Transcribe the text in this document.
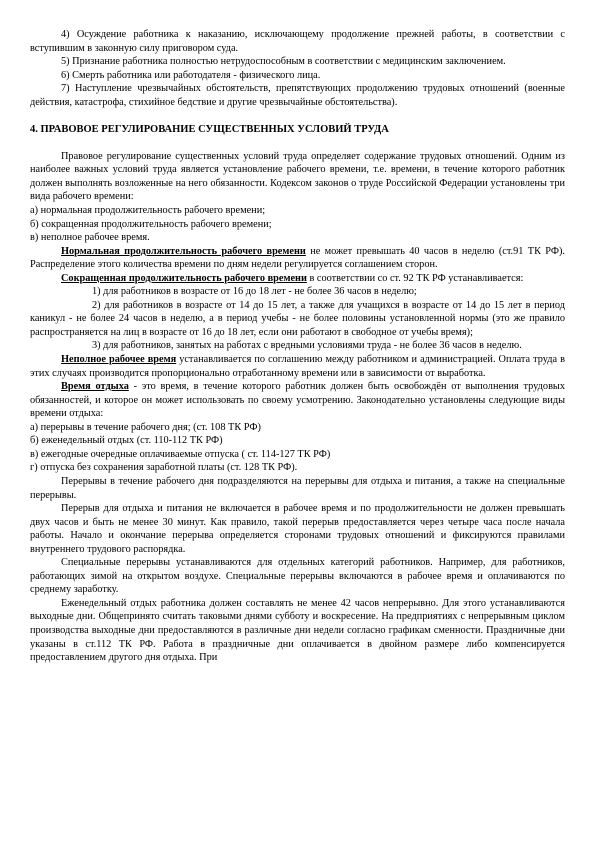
4) Осуждение работника к наказанию, исключающему продолжение прежней работы, в соответствии с вступившим в законную силу приговором суда.

5) Признание работника полностью нетрудоспособным в соответствии с медицинским заключением.

6) Смерть работника или работодателя - физического лица.

7) Наступление чрезвычайных обстоятельств, препятствующих продолжению трудовых отношений (военные действия, катастрофа, стихийное бедствие и другие чрезвычайные обстоятельства).

4. ПРАВОВОЕ РЕГУЛИРОВАНИЕ СУЩЕСТВЕННЫХ УСЛОВИЙ ТРУДА

Правовое регулирование существенных условий труда определяет содержание трудовых отношений. Одним из наиболее важных условий труда является установление рабочего времени, т.е. времени, в течение которого работник должен выполнять возложенные на него обязанности. Кодексом законов о труде Российской Федерации установлены три вида рабочего времени:

а) нормальная продолжительность рабочего времени;

б) сокращенная продолжительность рабочего времени;

в) неполное рабочее время.

Нормальная продолжительность рабочего времени не может превышать 40 часов в неделю (ст.91 ТК РФ). Распределение этого количества времени по дням недели регулируется соглашением сторон.

Сокращенная продолжительность рабочего времени в соответствии со ст. 92 ТК РФ устанавливается:

1) для работников в возрасте от 16 до 18 лет - не более 36 часов в неделю;

2) для работников в возрасте от 14 до 15 лет, а также для учащихся в возрасте от 14 до 15 лет в период каникул - не более 24 часов в неделю, а в период учебы - не более половины установленной нормы (это же правило распространяется на лиц в возрасте от 16 до 18 лет, если они работают в свободное от учебы время);

3) для работников, занятых на работах с вредными условиями труда - не более 36 часов в неделю.

Неполное рабочее время устанавливается по соглашению между работником и администрацией. Оплата труда в этих случаях производится пропорционально отработанному времени или в зависимости от выработка.

Время отдыха - это время, в течение которого работник должен быть освобождён от выполнения трудовых обязанностей, и которое он может использовать по своему усмотрению. Законодательно установлены следующие виды времени отдыха:

а) перерывы в течение рабочего дня; (ст. 108 ТК РФ)

б) еженедельный отдых (ст. 110-112 ТК РФ)

в) ежегодные очередные оплачиваемые отпуска ( ст. 114-127 ТК РФ)

г) отпуска без сохранения заработной платы (ст. 128 ТК РФ).

Перерывы в течение рабочего дня подразделяются на перерывы для отдыха и питания, а также на специальные перерывы.

Перерыв для отдыха и питания не включается в рабочее время и по продолжительности не должен превышать двух часов и быть не менее 30 минут. Как правило, такой перерыв предоставляется через четыре часа после начала работы. Начало и окончание перерыва определяется сторонами трудовых отношений и фиксируются правилами внутреннего трудового распорядка.

Специальные перерывы устанавливаются для отдельных категорий работников. Например, для работников, работающих зимой на открытом воздухе. Специальные перерывы включаются в рабочее время и оплачиваются по среднему заработку.

Еженедельный отдых работника должен составлять не менее 42 часов непрерывно. Для этого устанавливаются выходные дни. Общепринято считать таковыми днями субботу и воскресение. На предприятиях с непрерывным циклом производства выходные дни предоставляются в различные дни недели согласно графикам сменности. Праздничные дни указаны в ст.112 ТК РФ. Работа в праздничные дни оплачивается в двойном размере либо компенсируется предоставлением другого дня отдыха. При
